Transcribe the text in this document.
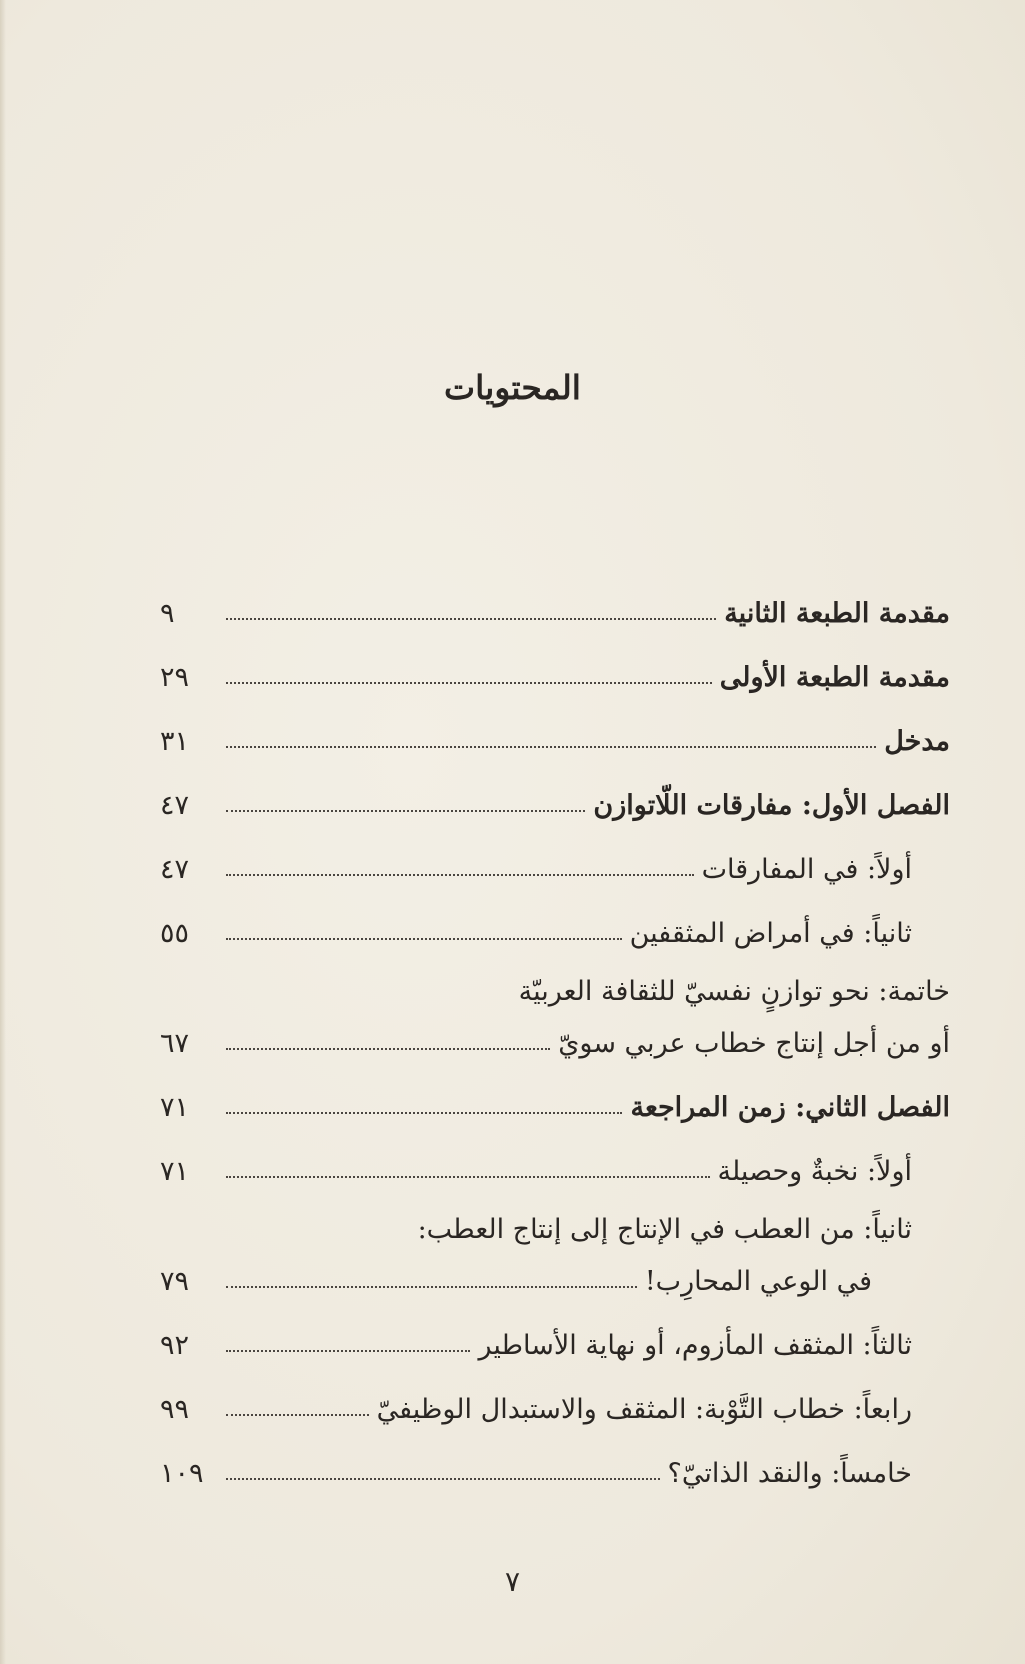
المحتويات
مقدمة الطبعة الثانية
٩
مقدمة الطبعة الأولى
٢٩
مدخل
٣١
الفصل الأول: مفارقات اللّاتوازن
٤٧
أولاً: في المفارقات
٤٧
ثانياً: في أمراض المثقفين
٥٥
خاتمة: نحو توازنٍ نفسيّ للثقافة العربيّة
أو من أجل إنتاج خطاب عربي سويّ
٦٧
الفصل الثاني: زمن المراجعة
٧١
أولاً: نخبةٌ وحصيلة
٧١
ثانياً: من العطب في الإنتاج إلى إنتاج العطب:
في الوعي المحارِب!
٧٩
ثالثاً: المثقف المأزوم، أو نهاية الأساطير
٩٢
رابعاً: خطاب التَّوْبة: المثقف والاستبدال الوظيفيّ
٩٩
خامساً: والنقد الذاتيّ؟
١٠٩
٧
